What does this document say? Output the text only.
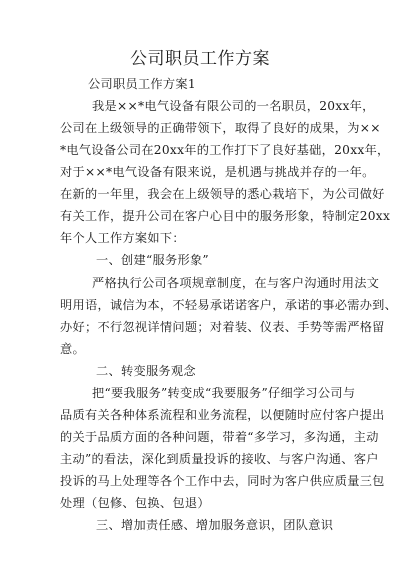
公司职员工作方案
公司职员工作方案1
我是××*电气设备有限公司的一名职员，20xx年，
公司在上级领导的正确带领下，取得了良好的成果，为××
*电气设备公司在20xx年的工作打下了良好基础，20xx年，
对于××*电气设备有限来说，是机遇与挑战并存的一年。
在新的一年里，我会在上级领导的悉心栽培下，为公司做好
有关工作，提升公司在客户心目中的服务形象，特制定20xx
年个人工作方案如下：
一、创建“服务形象”
严格执行公司各项规章制度，在与客户沟通时用法文
明用语，诚信为本，不轻易承诺诺客户，承诺的事必需办到、
办好；不行忽视详情问题；对着装、仪表、手势等需严格留
意。
二、转变服务观念
把“要我服务”转变成“我要服务”仔细学习公司与
品质有关各种体系流程和业务流程，以便随时应付客户提出
的关于品质方面的各种问题，带着“多学习，多沟通，主动
主动”的看法，深化到质量投诉的接收、与客户沟通、客户
投诉的马上处理等各个工作中去，同时为客户供应质量三包
处理（包修、包换、包退）
三、增加责任感、增加服务意识，团队意识
